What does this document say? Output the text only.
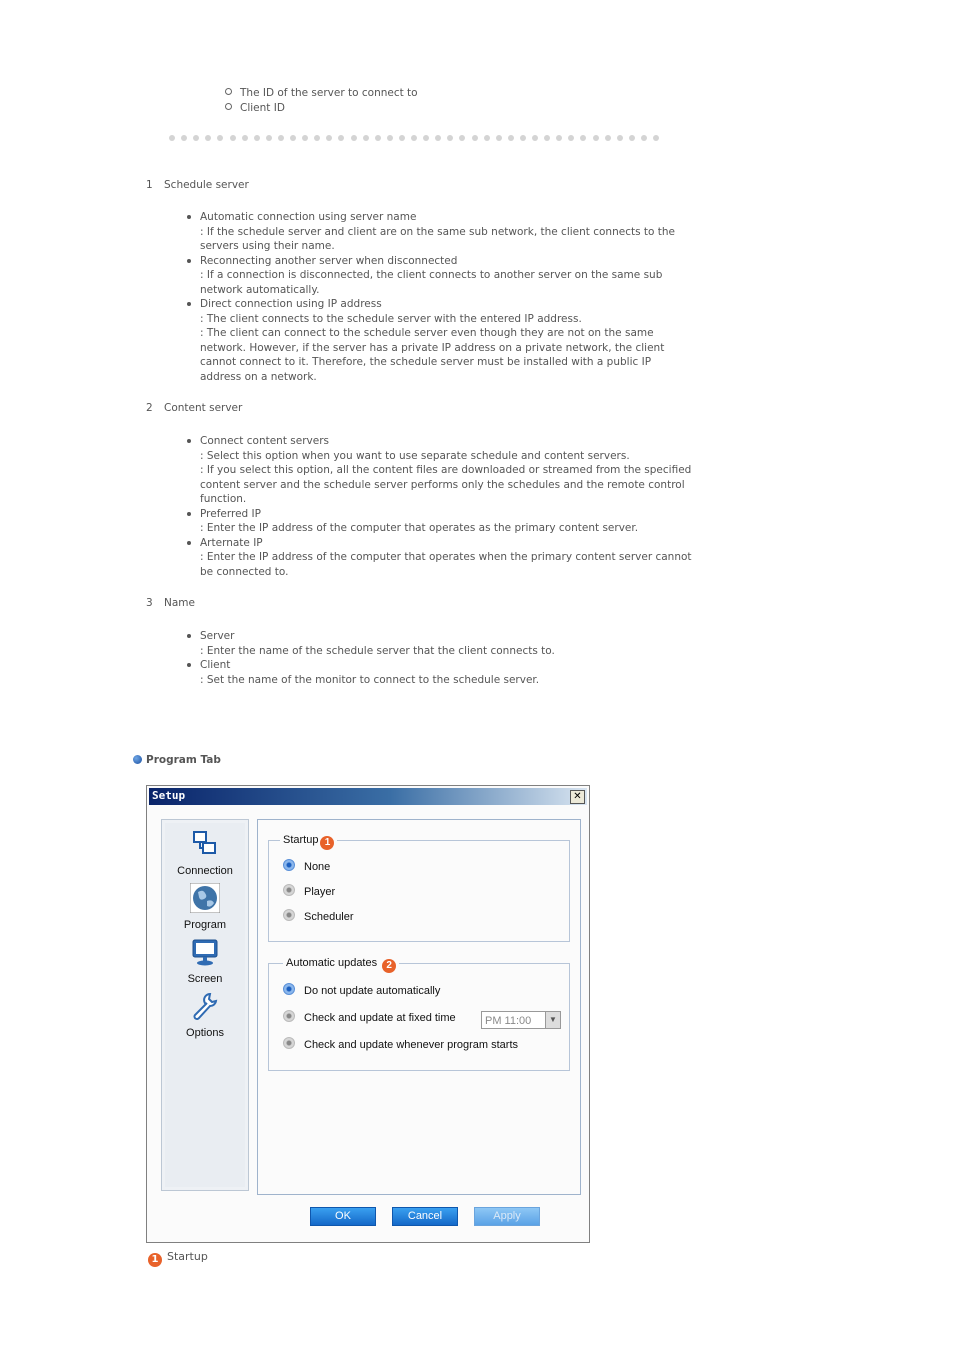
The ID of the server to connect to
Client ID
1 Schedule server
Automatic connection using server name
: If the schedule server and client are on the same sub network, the client connects to the
servers using their name.
Reconnecting another server when disconnected
: If a connection is disconnected, the client connects to another server on the same sub
network automatically.
Direct connection using IP address
: The client connects to the schedule server with the entered IP address.
: The client can connect to the schedule server even though they are not on the same
network. However, if the server has a private IP address on a private network, the client
cannot connect to it. Therefore, the schedule server must be installed with a public IP
address on a network.
2 Content server
Connect content servers
: Select this option when you want to use separate schedule and content servers.
: If you select this option, all the content files are downloaded or streamed from the specified
content server and the schedule server performs only the schedules and the remote control
function.
Preferred IP
: Enter the IP address of the computer that operates as the primary content server.
Arternate IP
: Enter the IP address of the computer that operates when the primary content server cannot
be connected to.
3 Name
Server
: Enter the name of the schedule server that the client connects to.
Client
: Set the name of the monitor to connect to the schedule server.
Program Tab
Setup	✕
Connection
Program
Screen
Options
Startup 1
None
Player
Scheduler
Automatic updates 2
Do not update automatically
Check and update at fixed time	PM 11:00	▼
Check and update whenever program starts
OK	Cancel	Apply
1 Startup
